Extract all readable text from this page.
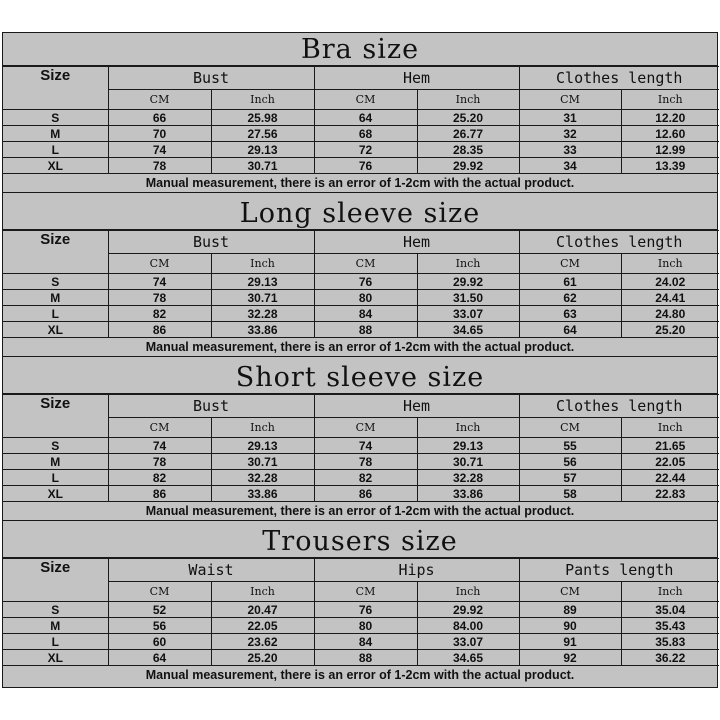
Bra size
Size	Bust		Hem		Clothes length	
	CM	Inch	CM	Inch	CM	Inch
S	66	25.98	64	25.20	31	12.20
M	70	27.56	68	26.77	32	12.60
L	74	29.13	72	28.35	33	12.99
XL	78	30.71	76	29.92	34	13.39
Manual measurement, there is an error of 1-2cm with the actual product.
Long sleeve size
Size	Bust		Hem		Clothes length	
	CM	Inch	CM	Inch	CM	Inch
S	74	29.13	76	29.92	61	24.02
M	78	30.71	80	31.50	62	24.41
L	82	32.28	84	33.07	63	24.80
XL	86	33.86	88	34.65	64	25.20
Manual measurement, there is an error of 1-2cm with the actual product.
Short sleeve size
Size	Bust		Hem		Clothes length	
	CM	Inch	CM	Inch	CM	Inch
S	74	29.13	74	29.13	55	21.65
M	78	30.71	78	30.71	56	22.05
L	82	32.28	82	32.28	57	22.44
XL	86	33.86	86	33.86	58	22.83
Manual measurement, there is an error of 1-2cm with the actual product.
Trousers size
Size	Waist		Hips		Pants length	
	CM	Inch	CM	Inch	CM	Inch
S	52	20.47	76	29.92	89	35.04
M	56	22.05	80	84.00	90	35.43
L	60	23.62	84	33.07	91	35.83
XL	64	25.20	88	34.65	92	36.22
Manual measurement, there is an error of 1-2cm with the actual product.
